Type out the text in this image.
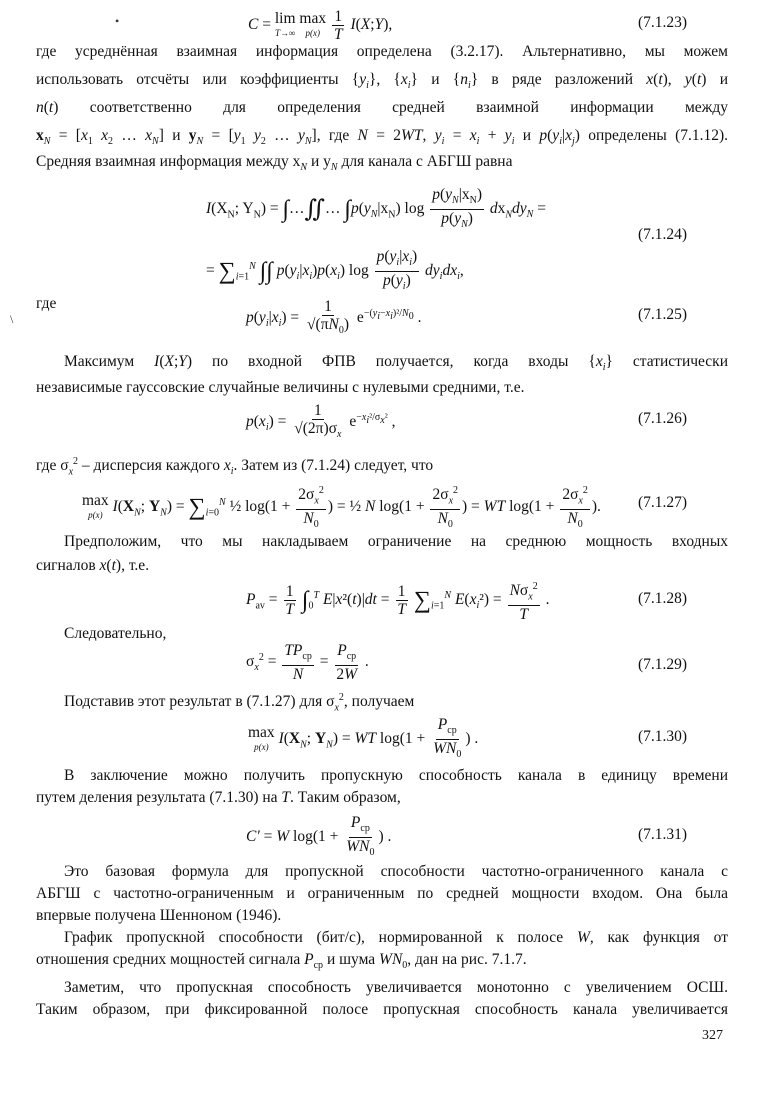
C = lim
T→∞

max
p(x)
$\frac{1}{T}$ I(X;Y),	(7.1.23)
где усреднённая взаимная информация определена (3.2.17). Альтернативно, мы можем
использовать отсчёты или коэффициенты $\{y_i\}$, $\{x_i\}$ и $\{n_i\}$ в ряде разложений x(t), y(t) и
n(t) соответственно для определения средней взаимной информации между
$x_N = [x_1$ $x_2$ … $x_N$] и $y_N = [y_1$ $y_2$ … $y_N$], где N = 2WT, $y_i = x_i + y_i$ и $p(y_i|x_j)$ определены (7.1.12).
Средняя взаимная информация между $x_N$ и $y_N$ для канала с АБГШ равна
$I(X_N$; $Y_N$) = ∫…∬… $\int p(y_N|x_N)$ $\log \frac{p(y_N|x_N)}{p(y_N)} dx_Ndy_N$ =
= $\sum_{i=1}^N$ ∫∫ $p(y_i|x_i)p(x_i)$ $\log \frac{p(y_i|x_i)}{p(y_i)} dy_idx_i$,
(7.1.24)
где
$p(y_i|x_i) = \frac{1}{√(\pi N_0)} e^{-(y_i-x_i)^2/N_0}$ .	(7.1.25)
Максимум I(X;Y) по входной ФПВ получается, когда входы $\{x_i\}$ статистически
независимые гауссовские случайные величины с нулевыми средними, т.е.
$p(x_i) = \frac{1}{√(2\pi)\sigma_x} e^{-x_i^2/\sigma_x^2}$ ,	(7.1.26)
где $\sigma_x^2$ – дисперсия каждого $x_i$. Затем из (7.1.24) следует, что
max
p(x) $I(X_N$; $Y_N) = \sum_{i=0}^N$ ½ $\log(1 + \frac{2\sigma_x^2}{N_0}$ ) = ½ N $\log(1 + \frac{2\sigma_x^2}{N_0}$ ) = WT $\log(1 + \frac{2\sigma_x^2}{N_0}$ ). (7.1.27)
Предположим, что мы накладываем ограничение на среднюю мощность входных
сигналов x(t), т.е.
$P_{av} = \frac{1}{T} \int_0^T$ $E|x^2(t)|dt = \frac{1}{T} \sum_{i=1}^N$ $E(x_i^2) = \frac{N\sigma_x^2}{T}$ .	(7.1.28)
Следовательно,
$\sigma_x^2 = \frac{TP_{cp}}{N} = \frac{P_{cp}}{2W}$ .	(7.1.29)
Подставив этот результат в (7.1.27) для $\sigma_x^2$, получаем
max
p(x) $I(X_N$; $Y_N$) = WT $\log(1 + \frac{P_{cp}}{WN_0}$ ) .	(7.1.30)
В заключение можно получить пропускную способность канала в единицу времени
путем деления результата (7.1.30) на T. Таким образом,
C′ = W $\log(1 + \frac{P_{cp}}{WN_0}$ ) .	(7.1.31)
Это базовая формула для пропускной способности частотно-ограниченного канала с
АБГШ с частотно-ограниченным и ограниченным по средней мощности входом. Она была
впервые получена Шенноном (1946).
График пропускной способности (бит/с), нормированной к полосе W, как функция от
отношения средних мощностей сигнала $P_{cp}$ и шума $WN_0$, дан на рис. 7.1.7.
Заметим, что пропускная способность увеличивается монотонно с увеличением ОСШ.
Таким образом, при фиксированной полосе пропускная способность канала увеличивается
327
•
\
